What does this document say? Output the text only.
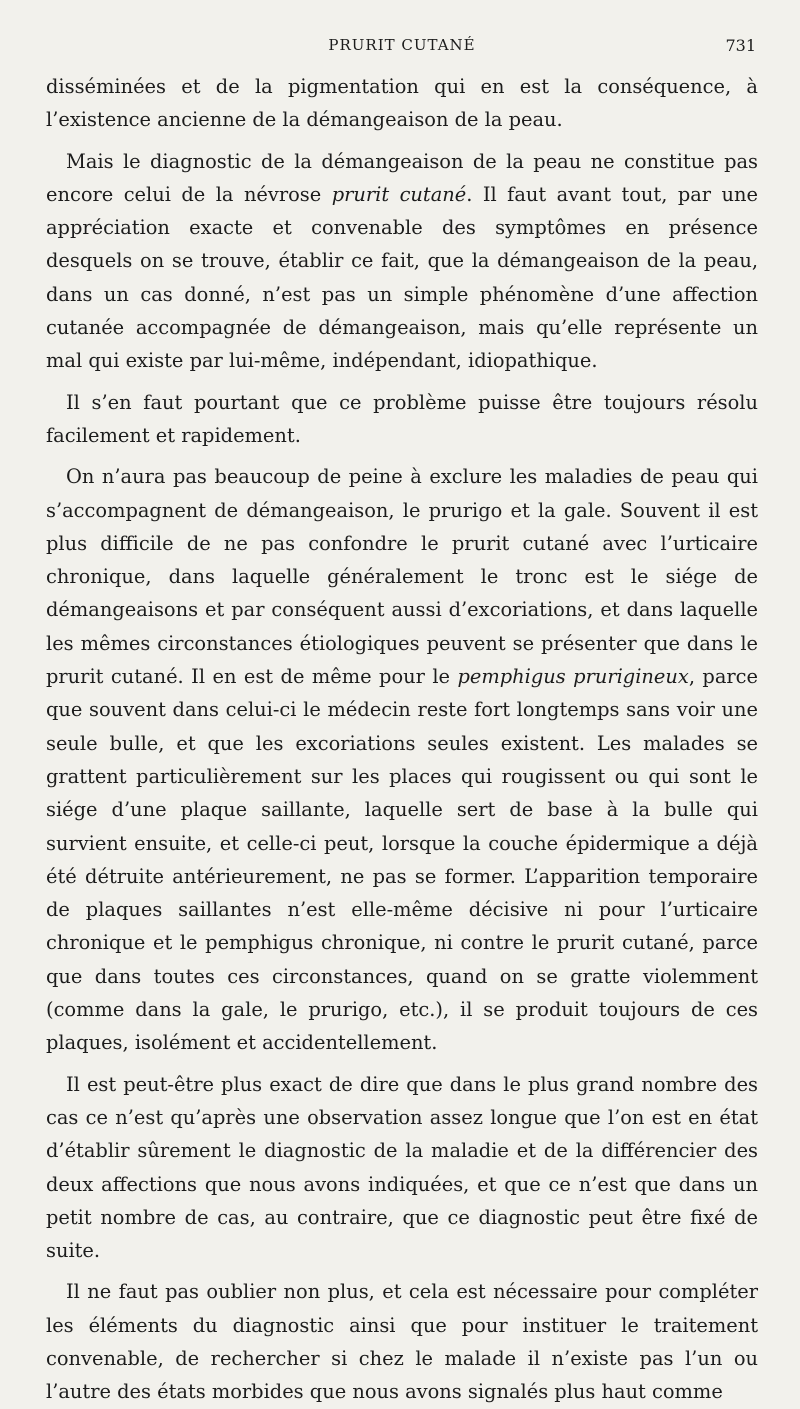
PRURIT CUTANÉ	731

disséminées et de la pigmentation qui en est la conséquence, à l’existence ancienne de la démangeaison de la peau.

Mais le diagnostic de la démangeaison de la peau ne constitue pas encore celui de la névrose prurit cutané. Il faut avant tout, par une appréciation exacte et convenable des symptômes en présence desquels on se trouve, établir ce fait, que la démangeaison de la peau, dans un cas donné, n’est pas un simple phénomène d’une affection cutanée accompagnée de démangeaison, mais qu’elle représente un mal qui existe par lui-même, indépendant, idiopathique.

Il s’en faut pourtant que ce problème puisse être toujours résolu facilement et rapidement.

On n’aura pas beaucoup de peine à exclure les maladies de peau qui s’accompagnent de démangeaison, le prurigo et la gale. Souvent il est plus difficile de ne pas confondre le prurit cutané avec l’urticaire chronique, dans laquelle généralement le tronc est le siége de démangeaisons et par conséquent aussi d’excoriations, et dans laquelle les mêmes circonstances étiologiques peuvent se présenter que dans le prurit cutané. Il en est de même pour le pemphigus prurigineux, parce que souvent dans celui-ci le médecin reste fort longtemps sans voir une seule bulle, et que les excoriations seules existent. Les malades se grattent particulièrement sur les places qui rougissent ou qui sont le siége d’une plaque saillante, laquelle sert de base à la bulle qui survient ensuite, et celle-ci peut, lorsque la couche épidermique a déjà été détruite antérieurement, ne pas se former. L’apparition temporaire de plaques saillantes n’est elle-même décisive ni pour l’urticaire chronique et le pemphigus chronique, ni contre le prurit cutané, parce que dans toutes ces circonstances, quand on se gratte violemment (comme dans la gale, le prurigo, etc.), il se produit toujours de ces plaques, isolément et accidentellement.

Il est peut-être plus exact de dire que dans le plus grand nombre des cas ce n’est qu’après une observation assez longue que l’on est en état d’établir sûrement le diagnostic de la maladie et de la différencier des deux affections que nous avons indiquées, et que ce n’est que dans un petit nombre de cas, au contraire, que ce diagnostic peut être fixé de suite.

Il ne faut pas oublier non plus, et cela est nécessaire pour compléter les éléments du diagnostic ainsi que pour instituer le traitement convenable, de rechercher si chez le malade il n’existe pas l’un ou l’autre des états morbides que nous avons signalés plus haut comme
